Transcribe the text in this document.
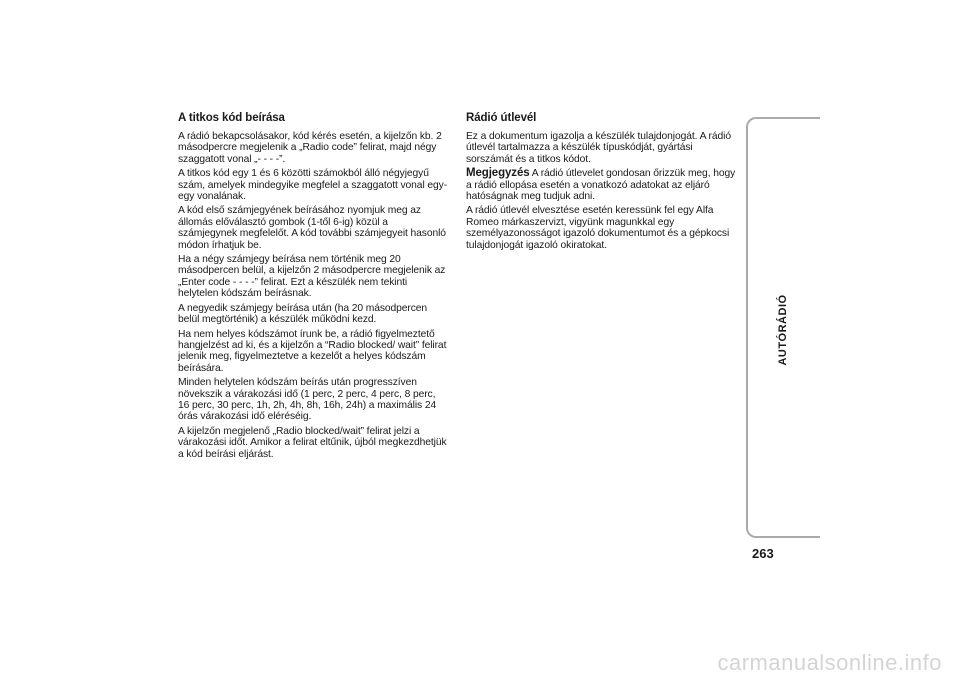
A titkos kód beírása
A rádió bekapcsolásakor, kód kérés esetén, a kijelzőn kb. 2 másodpercre megjelenik a „Radio code” felirat, majd négy szaggatott vonal „- - - -”.
A titkos kód egy 1 és 6 közötti számokból álló négyjegyű szám, amelyek mindegyike megfelel a szaggatott vonal egy-egy vonalának.
A kód első számjegyének beírásához nyomjuk meg az állomás előválasztó gombok (1-től 6-ig) közül a számjegynek megfelelőt. A kód további számjegyeit hasonló módon írhatjuk be.
Ha a négy számjegy beírása nem történik meg 20 másodpercen belül, a kijelzőn 2 másodpercre megjelenik az „Enter code - - - -” felirat. Ezt a készülék nem tekinti helytelen kódszám beírásnak.
A negyedik számjegy beírása után (ha 20 másodpercen belül megtörténik) a készülék működni kezd.
Ha nem helyes kódszámot írunk be, a rádió figyelmeztető hangjelzést ad ki, és a kijelzőn a “Radio blocked/ wait” felirat jelenik meg, figyelmeztetve a kezelőt a helyes kódszám beírására.
Minden helytelen kódszám beírás után progresszíven növekszik a várakozási idő (1 perc, 2 perc, 4 perc, 8 perc, 16 perc, 30 perc, 1h, 2h, 4h, 8h, 16h, 24h) a maximális 24 órás várakozási idő eléréséig.
A kijelzőn megjelenő „Radio blocked/wait” felirat jelzi a várakozási időt. Amikor a felirat eltűnik, újból megkezdhetjük a kód beírási eljárást.
Rádió útlevél
Ez a dokumentum igazolja a készülék tulajdonjogát. A rádió útlevél tartalmazza a készülék típuskódját, gyártási sorszámát és a titkos kódot.
Megjegyzés A rádió útlevelet gondosan őrizzük meg, hogy a rádió ellopása esetén a vonatkozó adatokat az eljáró hatóságnak meg tudjuk adni.
A rádió útlevél elvesztése esetén keressünk fel egy Alfa Romeo márkaszervizt, vigyünk magunkkal egy személyazonosságot igazoló dokumentumot és a gépkocsi tulajdonjogát igazoló okiratokat.
AUTÓRÁDIÓ
263
carmanualsonline.info
